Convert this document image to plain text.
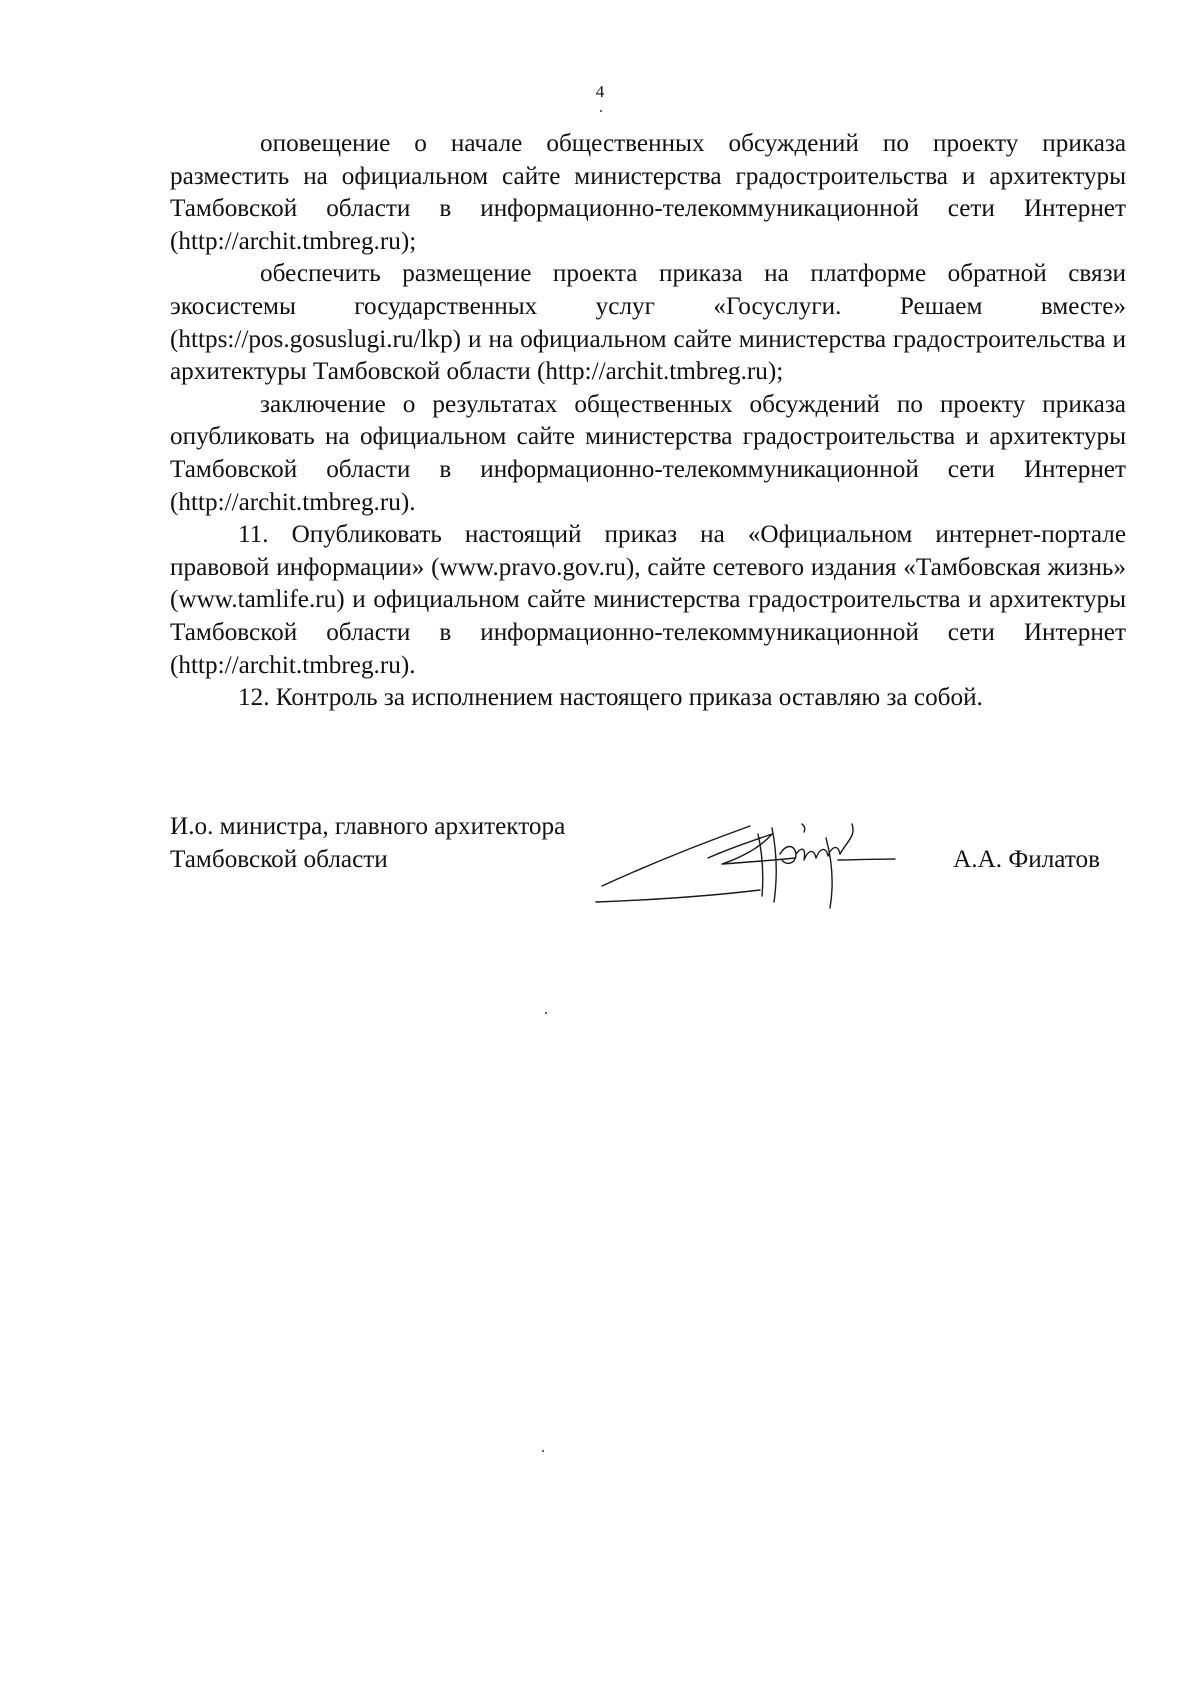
4

оповещение о начале общественных обсуждений по проекту приказа разместить на официальном сайте министерства градостроительства и архитектуры Тамбовской области в информационно-телекоммуникационной сети Интернет (http://archit.tmbreg.ru);

обеспечить размещение проекта приказа на платформе обратной связи экосистемы государственных услуг «Госуслуги. Решаем вместе» (https://pos.gosuslugi.ru/lkp) и на официальном сайте министерства градостроительства и архитектуры Тамбовской области (http://archit.tmbreg.ru);

заключение о результатах общественных обсуждений по проекту приказа опубликовать на официальном сайте министерства градостроительства и архитектуры Тамбовской области в информационно-телекоммуникационной сети Интернет (http://archit.tmbreg.ru).

11. Опубликовать настоящий приказ на «Официальном интернет-портале правовой информации» (www.pravo.gov.ru), сайте сетевого издания «Тамбовская жизнь» (www.tamlife.ru) и официальном сайте министерства градостроительства и архитектуры Тамбовской области в информационно-телекоммуникационной сети Интернет (http://archit.tmbreg.ru).

12. Контроль за исполнением настоящего приказа оставляю за собой.

И.о. министра, главного архитектора
Тамбовской области	А.А. Филатов
